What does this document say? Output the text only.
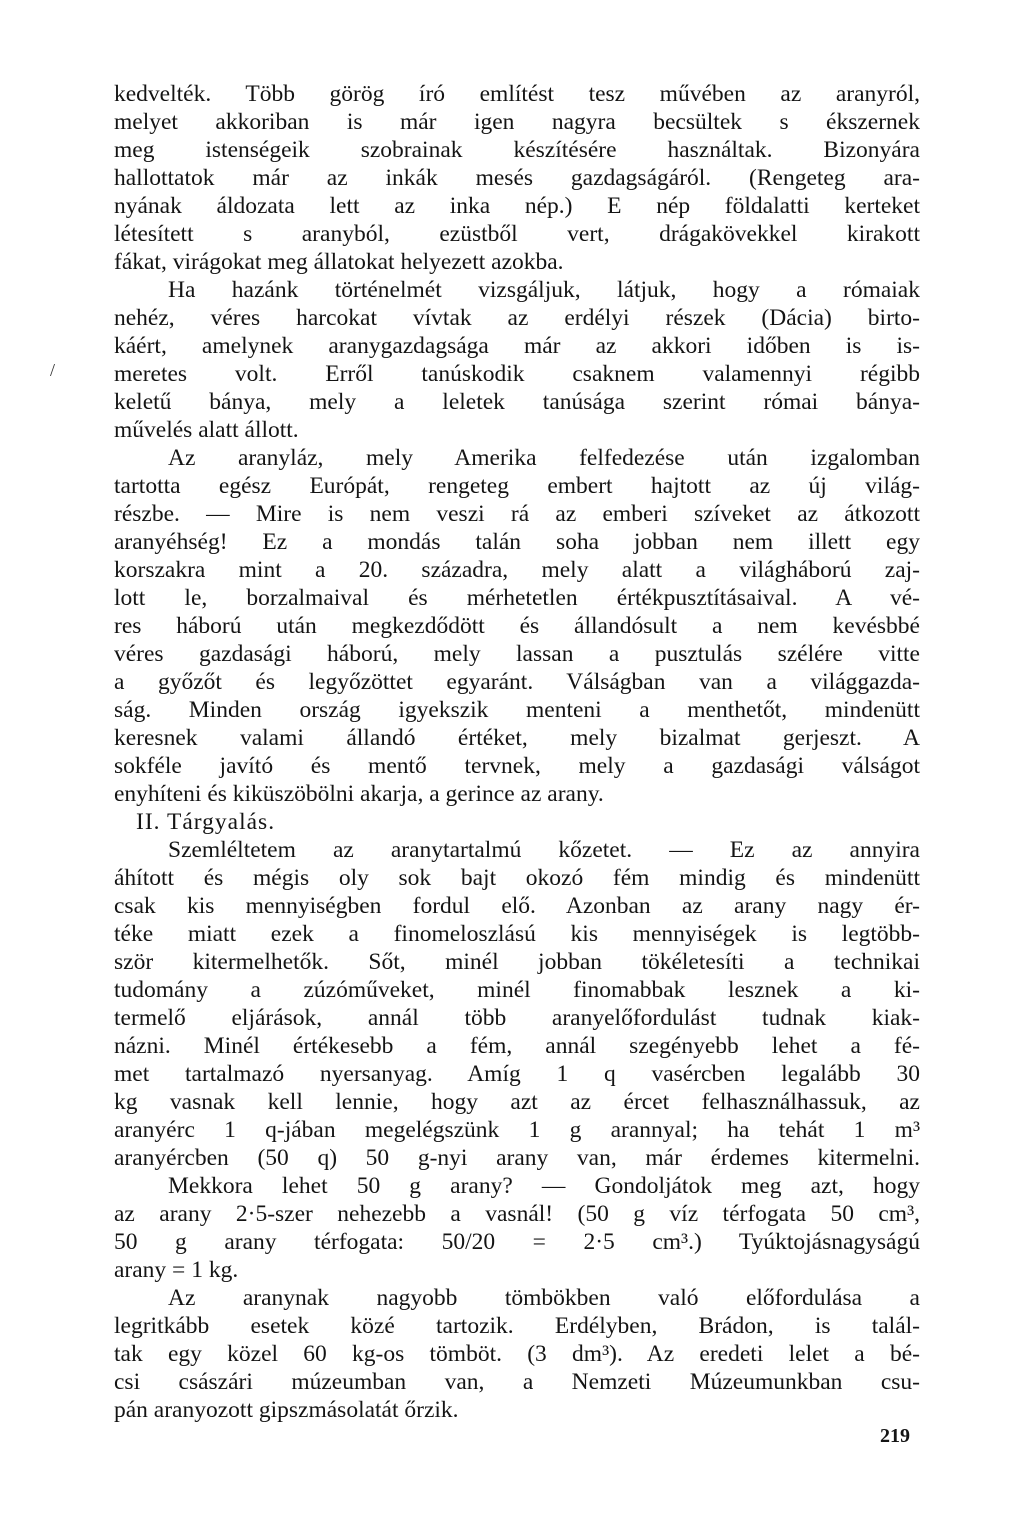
kedvelték. Több görög író említést tesz művében az aranyról,
melyet akkoriban is már igen nagyra becsültek s ékszernek
meg istenségeik szobrainak készítésére használtak. Bizonyára
hallottatok már az inkák mesés gazdagságáról. (Rengeteg ara-
nyának áldozata lett az inka nép.) E nép földalatti kerteket
létesített s aranyból, ezüstből vert, drágakövekkel kirakott
fákat, virágokat meg állatokat helyezett azokba.
Ha hazánk történelmét vizsgáljuk, látjuk, hogy a rómaiak
nehéz, véres harcokat vívtak az erdélyi részek (Dácia) birto-
káért, amelynek aranygazdagsága már az akkori időben is is-
meretes volt. Erről tanúskodik csaknem valamennyi régibb
keletű bánya, mely a leletek tanúsága szerint római bánya-
művelés alatt állott.
Az aranyláz, mely Amerika felfedezése után izgalomban
tartotta egész Európát, rengeteg embert hajtott az új világ-
részbe. — Mire is nem veszi rá az emberi szíveket az átkozott
aranyéhség! Ez a mondás talán soha jobban nem illett egy
korszakra mint a 20. századra, mely alatt a világháború zaj-
lott le, borzalmaival és mérhetetlen értékpusztításaival. A vé-
res háború után megkezdődött és állandósult a nem kevésbbé
véres gazdasági háború, mely lassan a pusztulás szélére vitte
a győzőt és legyőzöttet egyaránt. Válságban van a világgazda-
ság. Minden ország igyekszik menteni a menthetőt, mindenütt
keresnek valami állandó értéket, mely bizalmat gerjeszt. A
sokféle javító és mentő tervnek, mely a gazdasági válságot
enyhíteni és kiküszöbölni akarja, a gerince az arany.
II. Tárgyalás.
Szemléltetem az aranytartalmú kőzetet. — Ez az annyira
áhított és mégis oly sok bajt okozó fém mindig és mindenütt
csak kis mennyiségben fordul elő. Azonban az arany nagy ér-
téke miatt ezek a finomeloszlású kis mennyiségek is legtöbb-
ször kitermelhetők. Sőt, minél jobban tökéletesíti a technikai
tudomány a zúzóműveket, minél finomabbak lesznek a ki-
termelő eljárások, annál több aranyelőfordulást tudnak kiak-
názni. Minél értékesebb a fém, annál szegényebb lehet a fé-
met tartalmazó nyersanyag. Amíg 1 q vasércben legalább 30
kg vasnak kell lennie, hogy azt az ércet felhasználhassuk, az
aranyérc 1 q-jában megelégszünk 1 g arannyal; ha tehát 1 m³
aranyércben (50 q) 50 g-nyi arany van, már érdemes kitermelni.
Mekkora lehet 50 g arany? — Gondoljátok meg azt, hogy
az arany 2·5-szer nehezebb a vasnál! (50 g víz térfogata 50 cm³,
50 g arany térfogata: 50/20 = 2·5 cm³.) Tyúktojásnagyságú
arany = 1 kg.
Az aranynak nagyobb tömbökben való előfordulása a
legritkább esetek közé tartozik. Erdélyben, Brádon, is talál-
tak egy közel 60 kg-os tömböt. (3 dm³). Az eredeti lelet a bé-
csi császári múzeumban van, a Nemzeti Múzeumunkban csu-
pán aranyozott gipszmásolatát őrzik.
/
219
